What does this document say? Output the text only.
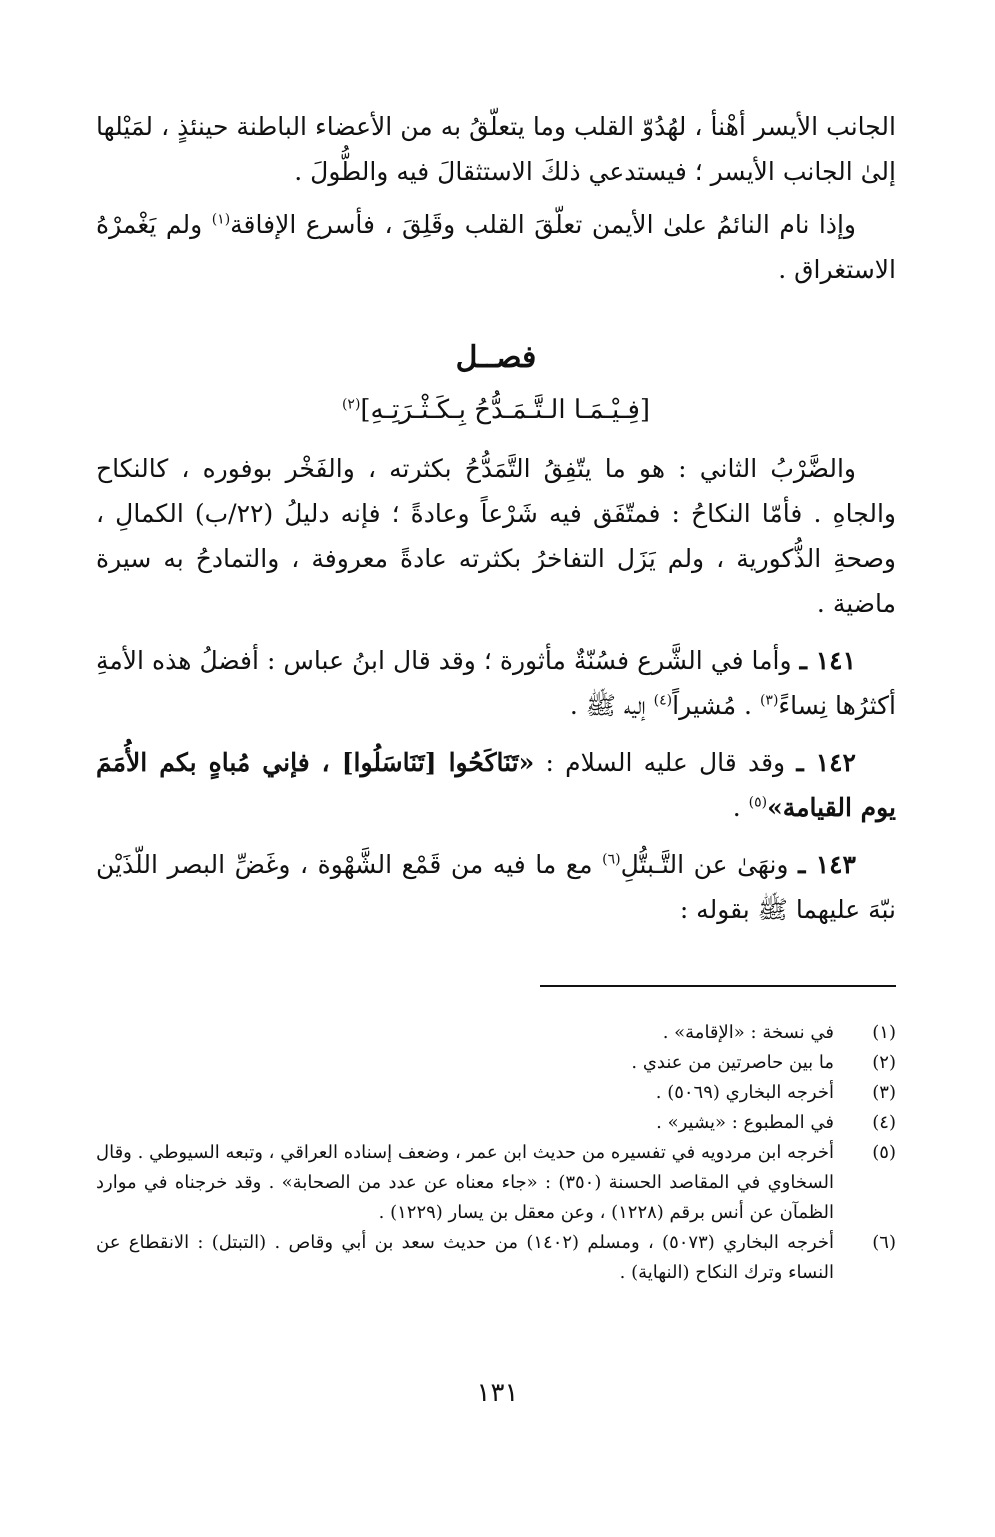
الجانب الأيسر أهْنأ ، لهُدُوّ القلب وما يتعلّقُ به من الأعضاء الباطنة حينئذٍ ، لمَيْلها إلىٰ الجانب الأيسر ؛ فيستدعي ذلكَ الاستثقالَ فيه والطُّولَ .

وإذا نام النائمُ علىٰ الأيمن تعلّقَ القلب وقَلِقَ ، فأسرع الإفاقة$^{(١)}$ ولم يَغْمرْهُ الاستغراق .

فصــل
[فِـيْـمَـا الـتَّـمَـدُّحُ بِـكَـثْـرَتِـهِ]$^{(٢)}$

والضَّرْبُ الثاني : هو ما يتّفِقُ التَّمَدُّحُ بكثرته ، والفَخْر بوفوره ، كالنكاح والجاهِ . فأمّا النكاحُ : فمتّفَق فيه شَرْعاً وعادةً ؛ فإنه دليلُ (٢٢/ب) الكمالِ ، وصحةِ الذُّكورية ، ولم يَزَل التفاخرُ بكثرته عادةً معروفة ، والتمادحُ به سيرة ماضية .

١٤١ ـ وأما في الشَّرع فسُنّةٌ مأثورة ؛ وقد قال ابنُ عباس : أفضلُ هذه الأمةِ أكثرُها نِساءً$^{(٣)}$ . مُشيراً$^{(٤)}$ إليه ﷺ .

١٤٢ ـ وقد قال عليه السلام : «تَنَاكَحُوا [تَنَاسَلُوا] ، فإني مُباهٍ بكم الأُمَمَ يوم القيامة»$^{(٥)}$ .

١٤٣ ـ ونهَىٰ عن التَّـبتُّلِ$^{(٦)}$ مع ما فيه من قَمْع الشَّهْوة ، وغَضِّ البصر اللّذَيْن نبّهَ عليهما ﷺ بقوله :

(١)
في نسخة : «الإقامة» .
(٢)
ما بين حاصرتين من عندي .
(٣)
أخرجه البخاري (٥٠٦٩) .
(٤)
في المطبوع : «يشير» .
(٥)
أخرجه ابن مردويه في تفسيره من حديث ابن عمر ، وضعف إسناده العراقي ، وتبعه السيوطي . وقال السخاوي في المقاصد الحسنة (٣٥٠) : «جاء معناه عن عدد من الصحابة» . وقد خرجناه في موارد الظمآن عن أنس برقم (١٢٢٨) ، وعن معقل بن يسار (١٢٢٩) .
(٦)
أخرجه البخاري (٥٠٧٣) ، ومسلم (١٤٠٢) من حديث سعد بن أبي وقاص . (التبتل) : الانقطاع عن النساء وترك النكاح (النهاية) .
١٣١
